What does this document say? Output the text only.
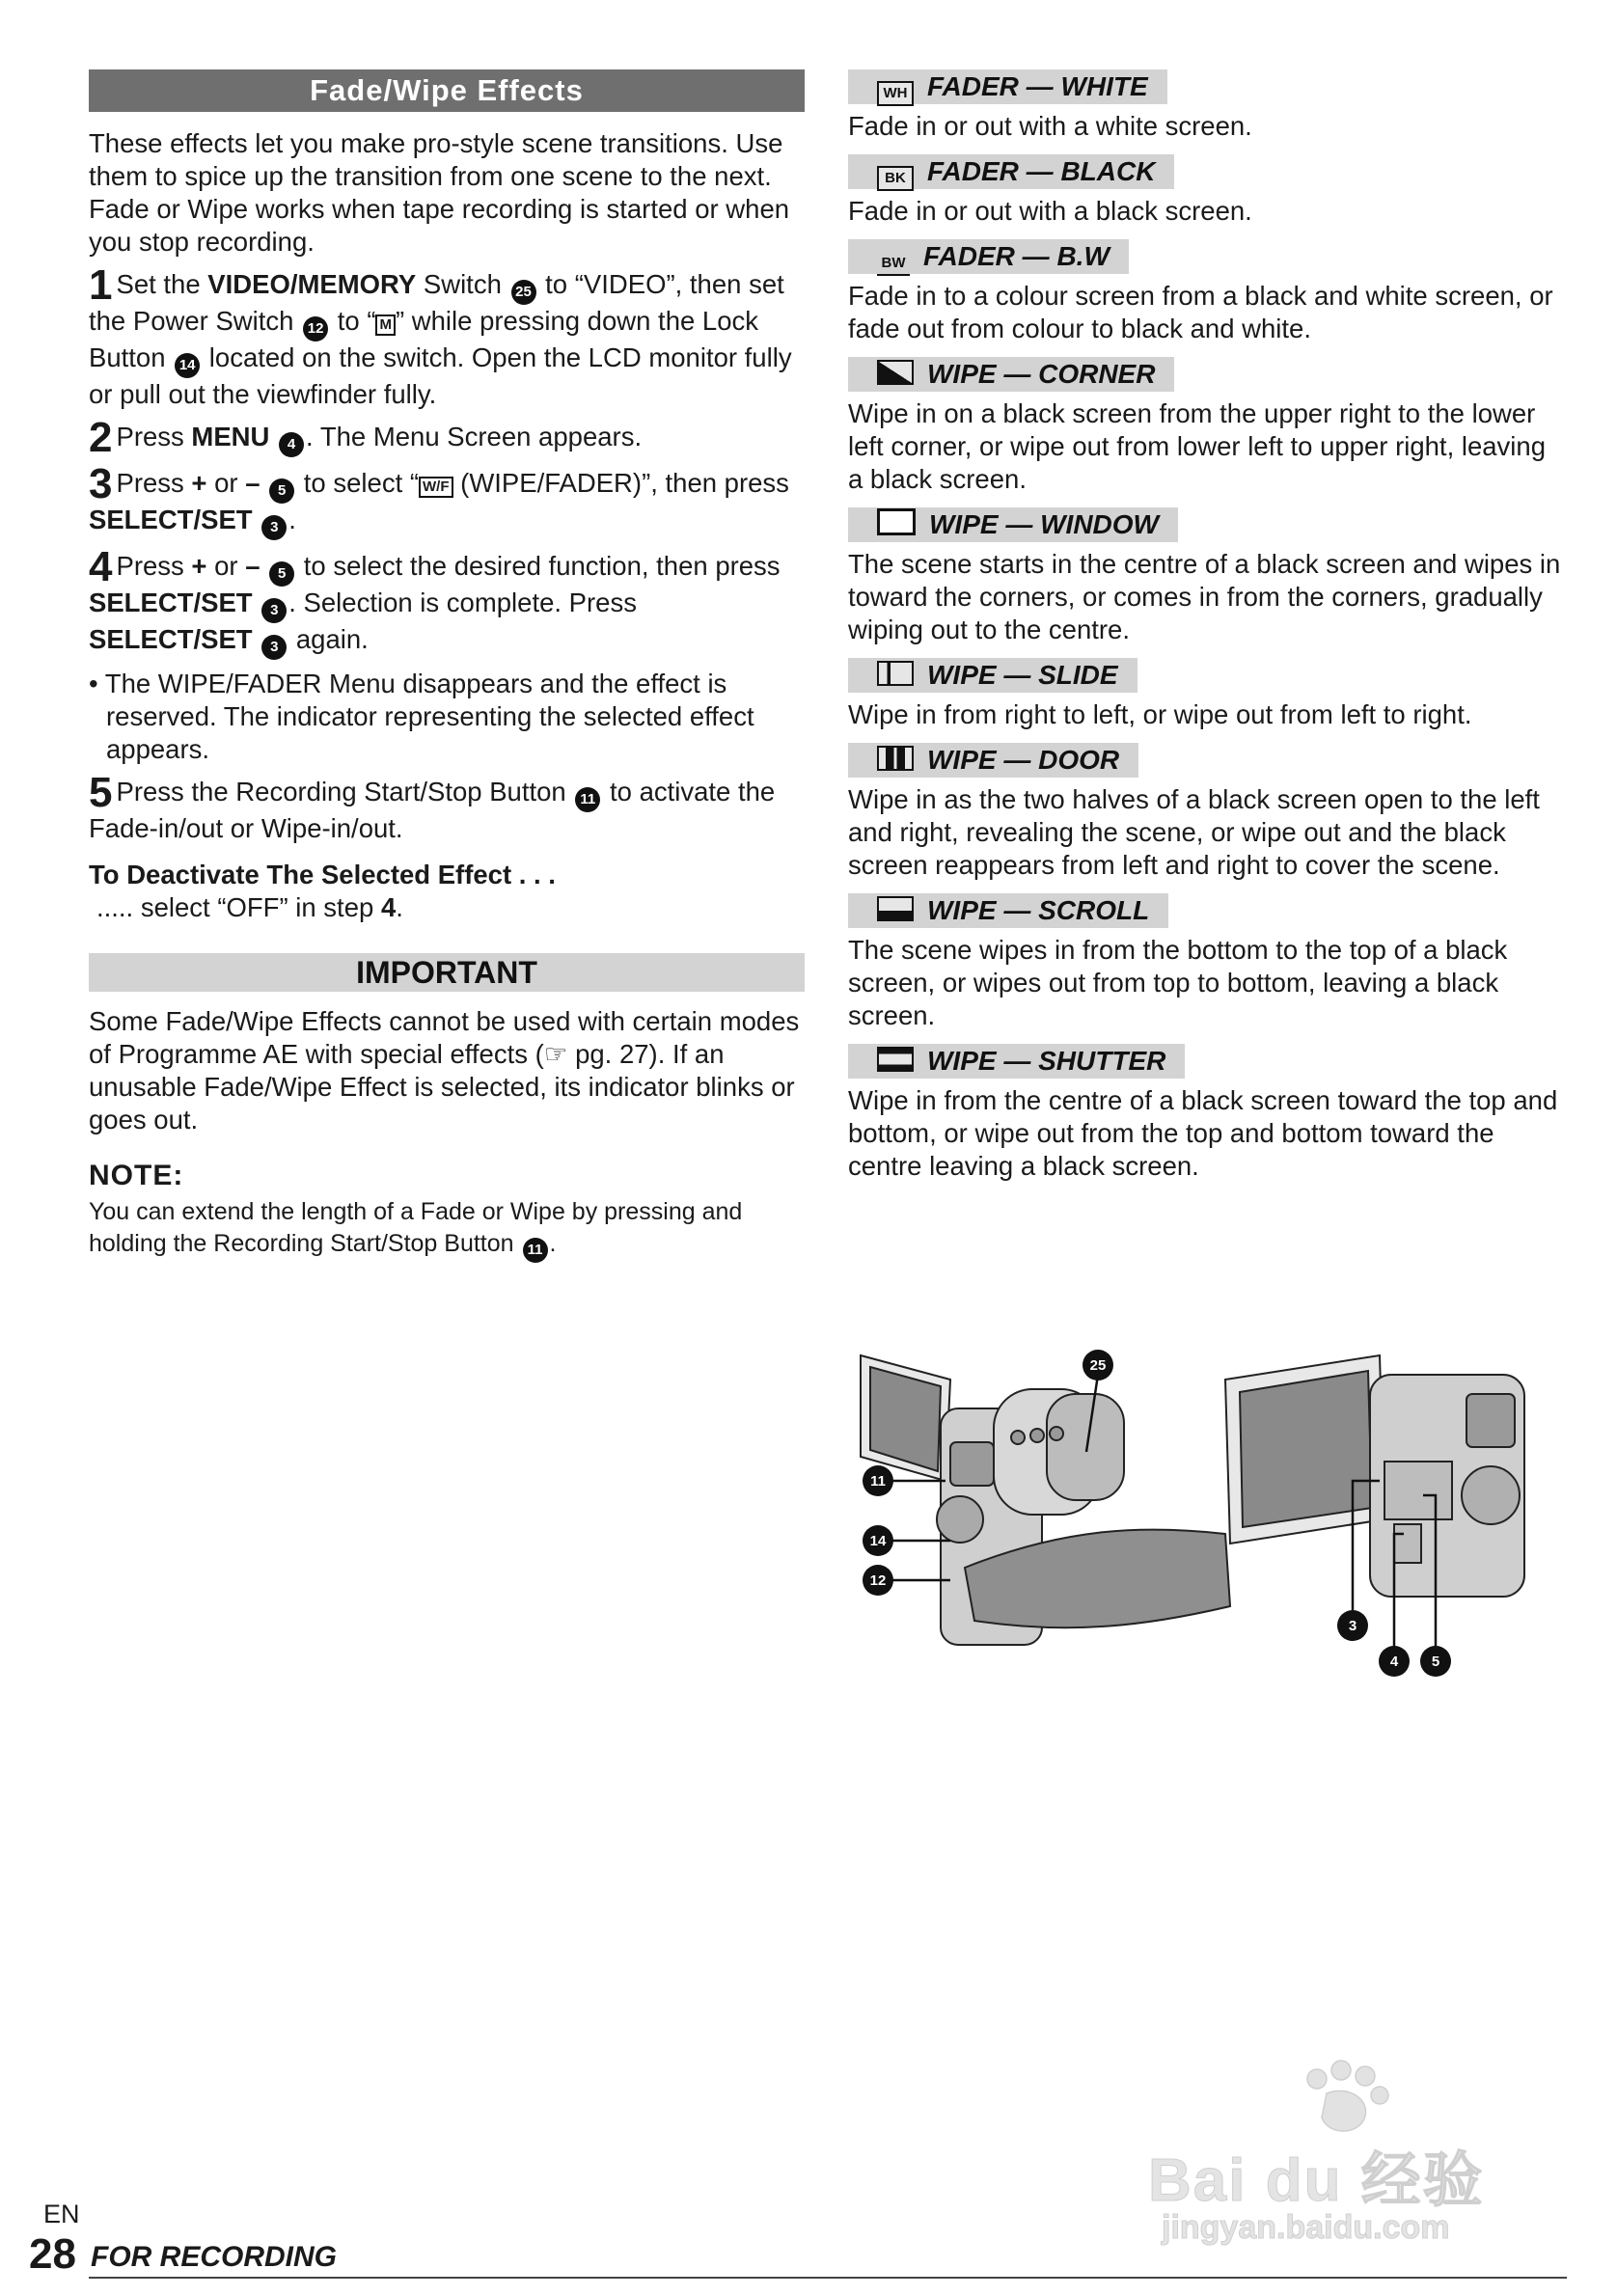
Fade/Wipe Effects

These effects let you make pro-style scene transitions. Use them to spice up the transition from one scene to the next.

Fade or Wipe works when tape recording is started or when you stop recording.

1 Set the VIDEO/MEMORY Switch 25 to “VIDEO”, then set the Power Switch 12 to “ M ” while pressing down the Lock Button 14 located on the switch. Open the LCD monitor fully or pull out the viewfinder fully.

2 Press MENU 4 . The Menu Screen appears.

3 Press + or – 5 to select “ W/F (WIPE/FADER)”, then press SELECT/SET 3 .

4 Press + or – 5 to select the desired function, then press SELECT/SET 3 . Selection is complete. Press SELECT/SET 3 again.

• The WIPE/FADER Menu disappears and the effect is reserved. The indicator representing the selected effect appears.

5 Press the Recording Start/Stop Button 11 to activate the Fade-in/out or Wipe-in/out.

To Deactivate The Selected Effect . . .

..... select “OFF” in step 4.

IMPORTANT

Some Fade/Wipe Effects cannot be used with certain modes of Programme AE with special effects (☞ pg. 27). If an unusable Fade/Wipe Effect is selected, its indicator blinks or goes out.

NOTE:

You can extend the length of a Fade or Wipe by pressing and holding the Recording Start/Stop Button 11 .

WH FADER — WHITE

Fade in or out with a white screen.

BK FADER — BLACK

Fade in or out with a black screen.

BW FADER — B.W

Fade in to a colour screen from a black and white screen, or fade out from colour to black and white.

WIPE — CORNER

Wipe in on a black screen from the upper right to the lower left corner, or wipe out from lower left to upper right, leaving a black screen.

WIPE — WINDOW

The scene starts in the centre of a black screen and wipes in toward the corners, or comes in from the corners, gradually wiping out to the centre.

WIPE — SLIDE

Wipe in from right to left, or wipe out from left to right.

WIPE — DOOR

Wipe in as the two halves of a black screen open to the left and right, revealing the scene, or wipe out and the black screen reappears from left and right to cover the scene.

WIPE — SCROLL

The scene wipes in from the bottom to the top of a black screen, or wipes out from top to bottom, leaving a black screen.

WIPE — SHUTTER

Wipe in from the centre of a black screen toward the top and bottom, or wipe out from the top and bottom toward the centre leaving a black screen.

25
11
14
12
3
4 5
Bai du 经验
jingyan.baidu.com
EN
28 FOR RECORDING
